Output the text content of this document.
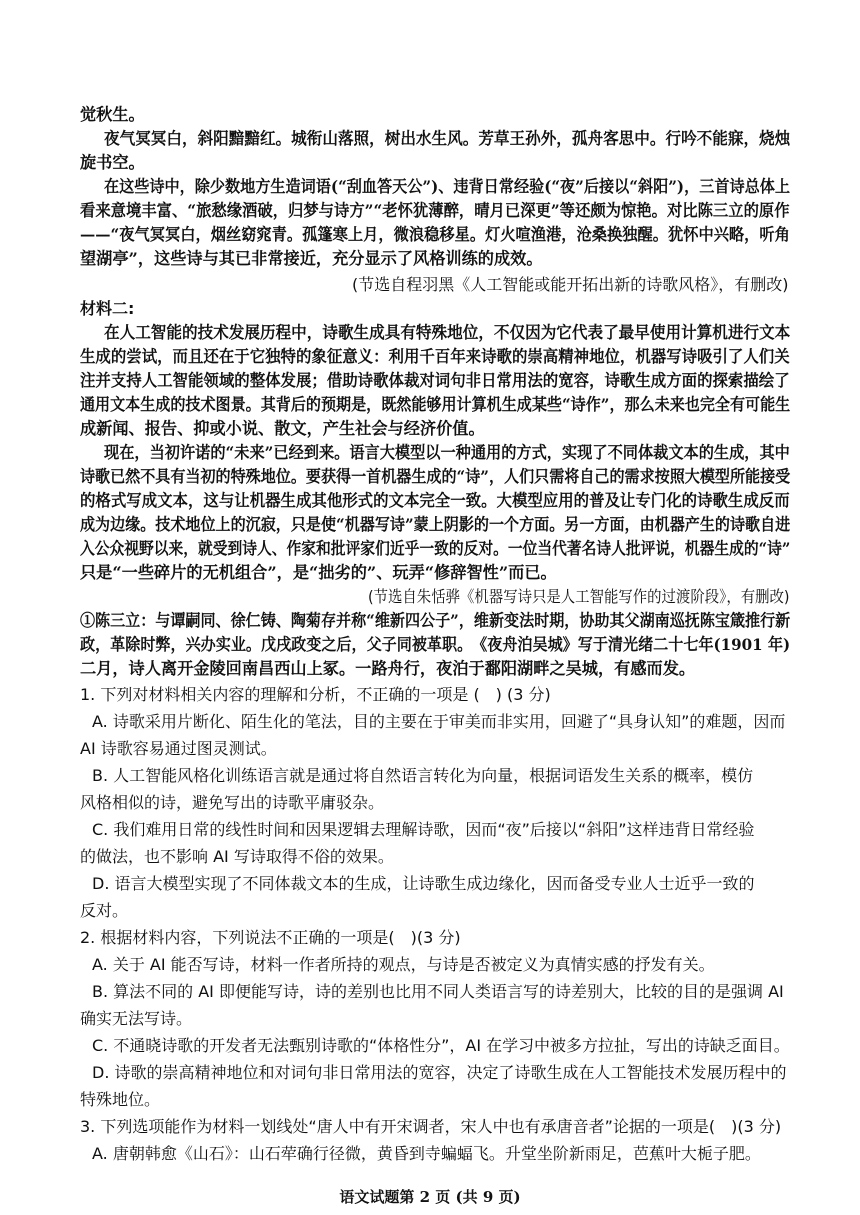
觉秋生。
夜气冥冥白，斜阳黯黯红。城衔山落照，树出水生风。芳草王孙外，孤舟客思中。行吟不能寐，烧烛
旋书空。
在这些诗中，除少数地方生造词语(“刮血答天公”)、违背日常经验(“夜”后接以“斜阳”)，三首诗总体上
看来意境丰富、“旅愁缘酒破，归梦与诗方”“老怀犹薄醉，晴月已深更”等还颇为惊艳。对比陈三立的原作
——“夜气冥冥白，烟丝窈窕青。孤篷寒上月，微浪稳移星。灯火喧渔港，沧桑换独醒。犹怀中兴略，听角
望湖亭”，这些诗与其已非常接近，充分显示了风格训练的成效。
(节选自程羽黑《人工智能或能开拓出新的诗歌风格》，有删改)
材料二:
在人工智能的技术发展历程中，诗歌生成具有特殊地位，不仅因为它代表了最早使用计算机进行文本
生成的尝试，而且还在于它独特的象征意义：利用千百年来诗歌的崇高精神地位，机器写诗吸引了人们关
注并支持人工智能领域的整体发展；借助诗歌体裁对词句非日常用法的宽容，诗歌生成方面的探索描绘了
通用文本生成的技术图景。其背后的预期是，既然能够用计算机生成某些“诗作”，那么未来也完全有可能生
成新闻、报告、抑或小说、散文，产生社会与经济价值。
现在，当初许诺的“未来”已经到来。语言大模型以一种通用的方式，实现了不同体裁文本的生成，其中
诗歌已然不具有当初的特殊地位。要获得一首机器生成的“诗”，人们只需将自己的需求按照大模型所能接受
的格式写成文本，这与让机器生成其他形式的文本完全一致。大模型应用的普及让专门化的诗歌生成反而
成为边缘。技术地位上的沉寂，只是使“机器写诗”蒙上阴影的一个方面。另一方面，由机器产生的诗歌自进
入公众视野以来，就受到诗人、作家和批评家们近乎一致的反对。一位当代著名诗人批评说，机器生成的“诗”
只是“一些碎片的无机组合”，是“拙劣的”、玩弄“修辞智性”而已。
(节选自朱恬骅《机器写诗只是人工智能写作的过渡阶段》，有删改)
①陈三立：与谭嗣同、徐仁铸、陶菊存并称“维新四公子”，维新变法时期，协助其父湖南巡抚陈宝箴推行新
政，革除时弊，兴办实业。戊戌政变之后，父子同被革职。　《夜舟泊吴城》写于清光绪二十七年(1901 年)
二月，诗人离开金陵回南昌西山上冢。一路舟行，夜泊于鄱阳湖畔之吴城，有感而发。
1. 下列对材料相关内容的理解和分析，不正确的一项是 (　) (3 分)
A. 诗歌采用片断化、陌生化的笔法，目的主要在于审美而非实用，回避了“具身认知”的难题，因而
AI 诗歌容易通过图灵测试。
B. 人工智能风格化训练语言就是通过将自然语言转化为向量，根据词语发生关系的概率，模仿
风格相似的诗，避免写出的诗歌平庸驳杂。
C. 我们难用日常的线性时间和因果逻辑去理解诗歌，因而“夜”后接以“斜阳”这样违背日常经验
的做法，也不影响 AI 写诗取得不俗的效果。
D. 语言大模型实现了不同体裁文本的生成，让诗歌生成边缘化，因而备受专业人士近乎一致的
反对。
2. 根据材料内容，下列说法不正确的一项是(　)(3 分)
A. 关于 AI 能否写诗，材料一作者所持的观点，与诗是否被定义为真情实感的抒发有关。
B. 算法不同的 AI 即便能写诗，诗的差别也比用不同人类语言写的诗差别大，比较的目的是强调 AI
确实无法写诗。
C. 不通晓诗歌的开发者无法甄别诗歌的“体格性分”，AI 在学习中被多方拉扯，写出的诗缺乏面目。
D. 诗歌的崇高精神地位和对词句非日常用法的宽容，决定了诗歌生成在人工智能技术发展历程中的
特殊地位。
3. 下列选项能作为材料一划线处“唐人中有开宋调者，宋人中也有承唐音者”论据的一项是(　)(3 分)
A. 唐朝韩愈《山石》：山石荦确行径微，黄昏到寺蝙蝠飞。升堂坐阶新雨足，芭蕉叶大栀子肥。
语文试题第 2 页 (共 9 页)
